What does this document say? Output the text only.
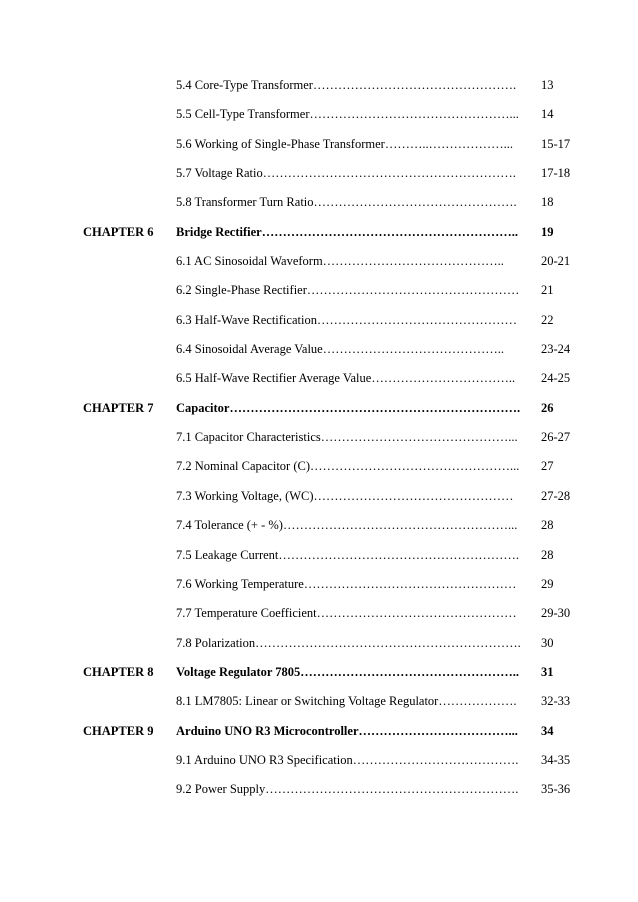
5.4 Core-Type Transformer………………………………………….	13
5.5 Cell-Type Transformer…………………………………………...	14
5.6 Working of Single-Phase Transformer………..………………...	15-17
5.7 Voltage Ratio…………………………………………………….	17-18
5.8 Transformer Turn Ratio………………………………………….	18
CHAPTER 6 Bridge Rectifier……………………………………………………..	19
6.1 AC Sinosoidal Waveform……………………………………..	20-21
6.2 Single-Phase Rectifier……………………………………………	21
6.3 Half-Wave Rectification…………………………………………	22
6.4 Sinosoidal Average Value……………………………………..	23-24
6.5 Half-Wave Rectifier Average Value……………………………..	24-25
CHAPTER 7 Capacitor…………………………………………………………….	26
7.1 Capacitor Characteristics………………………………………...	26-27
7.2 Nominal Capacitor (C)…………………………………………...	27
7.3 Working Voltage, (WC)…………………………………………	27-28
7.4 Tolerance (+ - %)………………………………………………...	28
7.5 Leakage Current………………………………………………….	28
7.6 Working Temperature……………………………………………	29
7.7 Temperature Coefficient…………………………………………	29-30
7.8 Polarization……………………………………………………….	30
CHAPTER 8 Voltage Regulator 7805……………………………………………..	31
8.1 LM7805: Linear or Switching Voltage Regulator……………….	32-33
CHAPTER 9 Arduino UNO R3 Microcontroller………………………………...	34
9.1 Arduino UNO R3 Specification………………………………….	34-35
9.2 Power Supply…………………………………………………….	35-36
